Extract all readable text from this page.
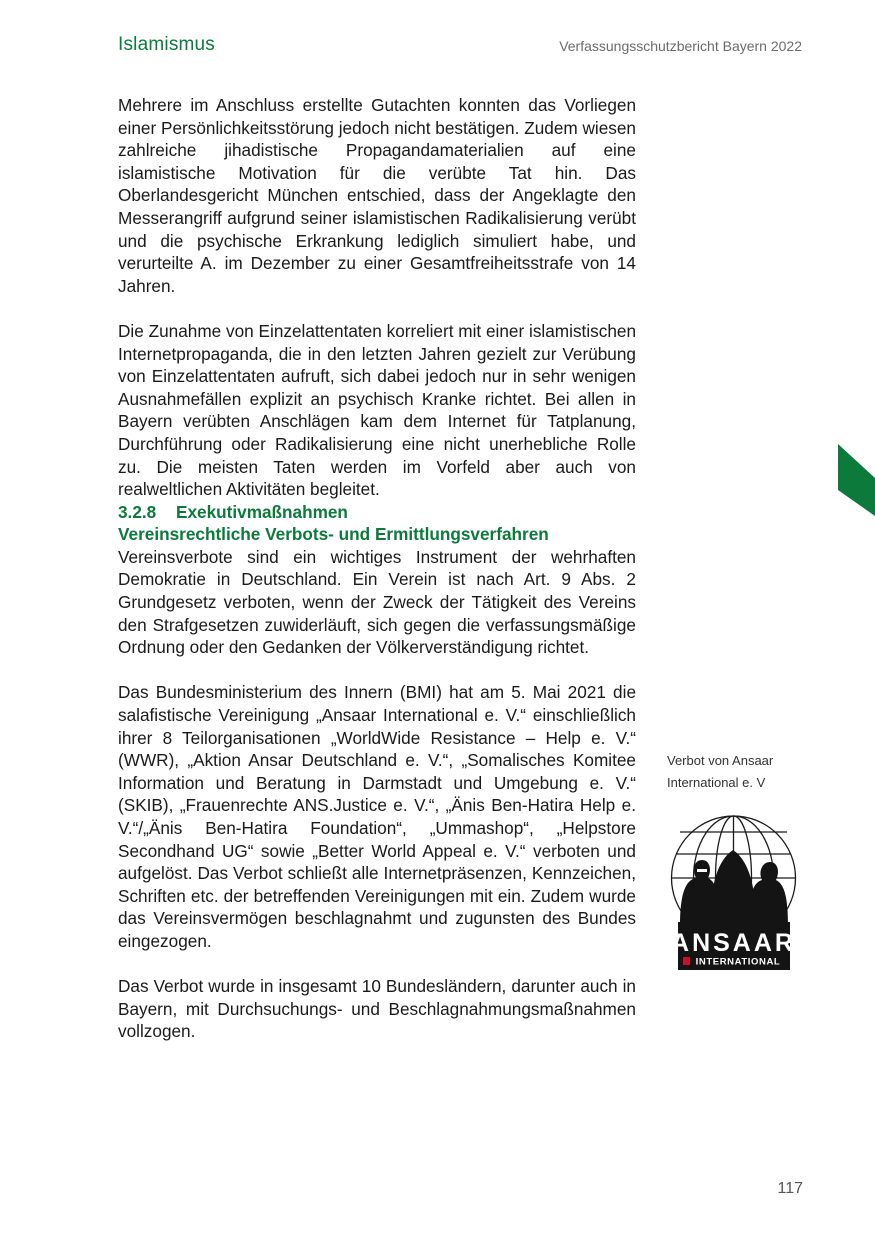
Islamismus	Verfassungsschutzbericht Bayern 2022

Mehrere im Anschluss erstellte Gutachten konnten das Vorliegen einer Persönlichkeitsstörung jedoch nicht bestätigen. Zudem wiesen zahlreiche jihadistische Propagandamaterialien auf eine islamistische Motivation für die verübte Tat hin. Das Oberlandesgericht München entschied, dass der Angeklagte den Messerangriff aufgrund seiner islamistischen Radikalisierung verübt und die psychische Erkrankung lediglich simuliert habe, und verurteilte A. im Dezember zu einer Gesamtfreiheitsstrafe von 14 Jahren.

Die Zunahme von Einzelattentaten korreliert mit einer islamistischen Internetpropaganda, die in den letzten Jahren gezielt zur Verübung von Einzelattentaten aufruft, sich dabei jedoch nur in sehr wenigen Ausnahmefällen explizit an psychisch Kranke richtet. Bei allen in Bayern verübten Anschlägen kam dem Internet für Tatplanung, Durchführung oder Radikalisierung eine nicht unerhebliche Rolle zu. Die meisten Taten werden im Vorfeld aber auch von realweltlichen Aktivitäten begleitet.

3.2.8 Exekutivmaßnahmen
Vereinsrechtliche Verbots- und Ermittlungsverfahren

Vereinsverbote sind ein wichtiges Instrument der wehrhaften Demokratie in Deutschland. Ein Verein ist nach Art. 9 Abs. 2 Grundgesetz verboten, wenn der Zweck der Tätigkeit des Vereins den Strafgesetzen zuwiderläuft, sich gegen die verfassungsmäßige Ordnung oder den Gedanken der Völkerverständigung richtet.

Das Bundesministerium des Innern (BMI) hat am 5. Mai 2021 die salafistische Vereinigung „Ansaar International e. V.“ einschließlich ihrer 8 Teilorganisationen „WorldWide Resistance – Help e. V.“ (WWR), „Aktion Ansar Deutschland e. V.“, „Somalisches Komitee Information und Beratung in Darmstadt und Umgebung e. V.“ (SKIB), „Frauenrechte ANS.Justice e. V.“, „Änis Ben-Hatira Help e. V.“/„Änis Ben-Hatira Foundation“, „Ummashop“, „Helpstore Secondhand UG“ sowie „Better World Appeal e. V.“ verboten und aufgelöst. Das Verbot schließt alle Internetpräsenzen, Kennzeichen, Schriften etc. der betreffenden Vereinigungen mit ein. Zudem wurde das Vereinsvermögen beschlagnahmt und zugunsten des Bundes eingezogen.

Das Verbot wurde in insgesamt 10 Bundesländern, darunter auch in Bayern, mit Durchsuchungs- und Beschlagnahmungsmaßnahmen vollzogen.

Verbot von Ansaar
International e. V
ANSAAR
INTERNATIONAL
117
